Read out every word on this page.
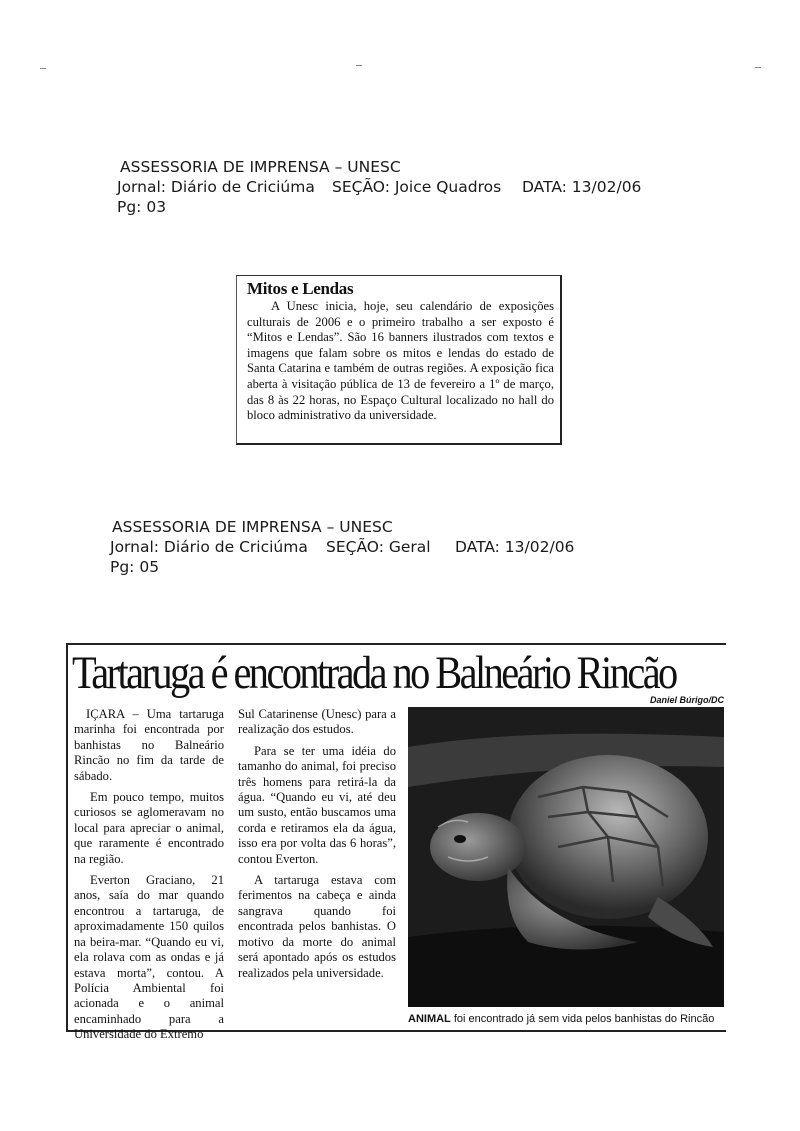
ASSESSORIA DE IMPRENSA – UNESC
Jornal: Diário de Criciúma SEÇÃO: Joice Quadros DATA: 13/02/06
Pg: 03
Mitos e Lendas

A Unesc inicia, hoje, seu calendário de exposições culturais de 2006 e o primeiro trabalho a ser exposto é “Mitos e Lendas”. São 16 banners ilustrados com textos e imagens que falam sobre os mitos e lendas do estado de Santa Catarina e também de outras regiões. A exposição fica aberta à visitação pública de 13 de fevereiro a 1º de março, das 8 às 22 horas, no Espaço Cultural localizado no hall do bloco administrativo da universidade.

ASSESSORIA DE IMPRENSA – UNESC
Jornal: Diário de Criciúma SEÇÃO: Geral DATA: 13/02/06
Pg: 05
Tartaruga é encontrada no Balneário Rincão
Daniel Búrigo/DC

IÇARA – Uma tartaruga marinha foi encontrada por banhistas no Balneário Rincão no fim da tarde de sábado.

Em pouco tempo, muitos curiosos se aglomeravam no local para apreciar o animal, que raramente é encontrado na região.

Everton Graciano, 21 anos, saía do mar quando encontrou a tartaruga, de aproximadamente 150 quilos na beira-mar. “Quando eu vi, ela rolava com as ondas e já estava morta”, contou. A Polícia Ambiental foi acionada e o animal encaminhado para a Universidade do Extremo

Sul Catarinense (Unesc) para a realização dos estudos.

Para se ter uma idéia do tamanho do animal, foi preciso três homens para retirá-la da água. “Quando eu vi, até deu um susto, então buscamos uma corda e retiramos ela da água, isso era por volta das 6 horas”, contou Everton.

A tartaruga estava com ferimentos na cabeça e ainda sangrava quando foi encontrada pelos banhistas. O motivo da morte do animal será apontado após os estudos realizados pela universidade.

ANIMAL foi encontrado já sem vida pelos banhistas do Rincão
